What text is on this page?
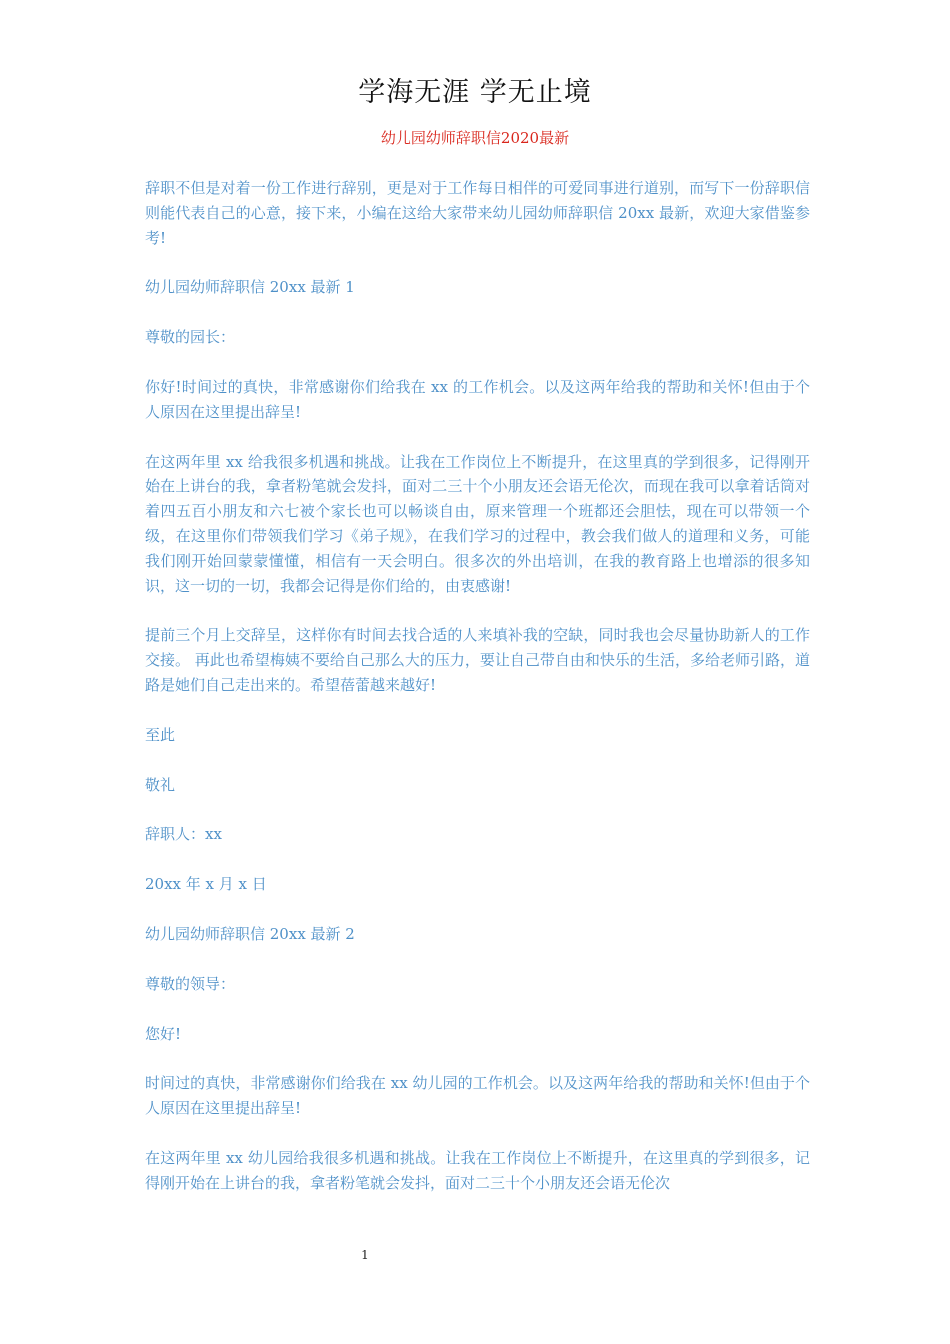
学海无涯 学无止境
幼儿园幼师辞职信2020最新

辞职不但是对着一份工作进行辞别，更是对于工作每日相伴的可爱同事进行道别，而写下一份辞职信则能代表自己的心意，接下来，小编在这给大家带来幼儿园幼师辞职信 20xx 最新，欢迎大家借鉴参考!

幼儿园幼师辞职信 20xx 最新 1

尊敬的园长：

你好!时间过的真快，非常感谢你们给我在 xx 的工作机会。以及这两年给我的帮助和关怀!但由于个人原因在这里提出辞呈!

在这两年里 xx 给我很多机遇和挑战。让我在工作岗位上不断提升，在这里真的学到很多，记得刚开始在上讲台的我，拿者粉笔就会发抖，面对二三十个小朋友还会语无伦次，而现在我可以拿着话筒对着四五百小朋友和六七被个家长也可以畅谈自由，原来管理一个班都还会胆怯，现在可以带领一个级，在这里你们带领我们学习《弟子规》，在我们学习的过程中，教会我们做人的道理和义务，可能我们刚开始回蒙蒙懂懂，相信有一天会明白。很多次的外出培训，在我的教育路上也增添的很多知识，这一切的一切，我都会记得是你们给的，由衷感谢!

提前三个月上交辞呈，这样你有时间去找合适的人来填补我的空缺，同时我也会尽量协助新人的工作交接。 再此也希望梅姨不要给自己那么大的压力，要让自己带自由和快乐的生活，多给老师引路，道路是她们自己走出来的。希望蓓蕾越来越好!

至此

敬礼

辞职人：xx

20xx 年 x 月 x 日

幼儿园幼师辞职信 20xx 最新 2

尊敬的领导：

您好!

时间过的真快，非常感谢你们给我在 xx 幼儿园的工作机会。以及这两年给我的帮助和关怀!但由于个人原因在这里提出辞呈!

在这两年里 xx 幼儿园给我很多机遇和挑战。让我在工作岗位上不断提升，在这里真的学到很多，记得刚开始在上讲台的我，拿者粉笔就会发抖，面对二三十个小朋友还会语无伦次

1
